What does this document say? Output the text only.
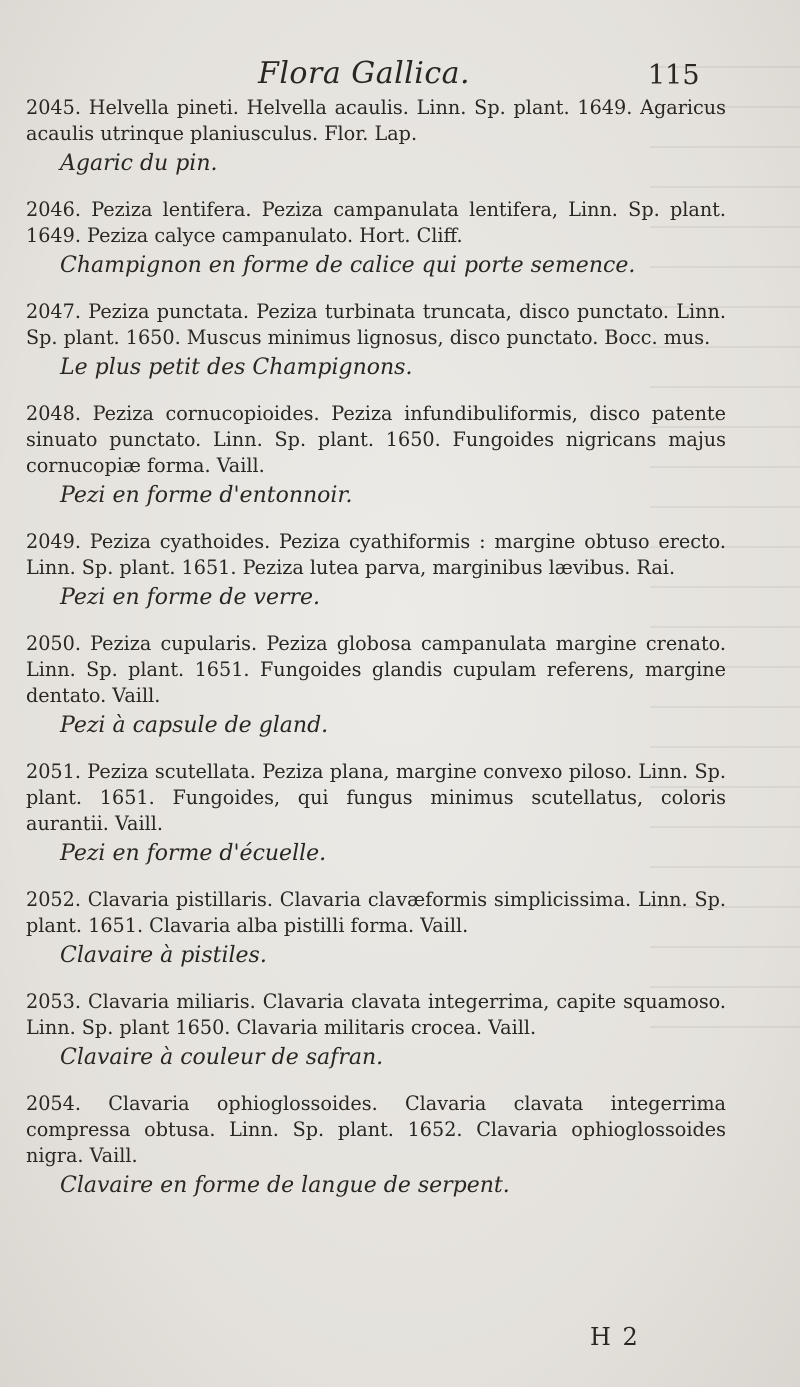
Flora Gallica.	115

2045. Helvella pineti. Helvella acaulis. Linn. Sp. plant. 1649. Agaricus acaulis utrinque planiusculus. Flor. Lap.

Agaric du pin.

2046. Peziza lentifera. Peziza campanulata lentifera, Linn. Sp. plant. 1649. Peziza calyce campanulato. Hort. Cliff.

Champignon en forme de calice qui porte semence.

2047. Peziza punctata. Peziza turbinata truncata, disco punctato. Linn. Sp. plant. 1650. Muscus minimus lignosus, disco punctato. Bocc. mus.

Le plus petit des Champignons.

2048. Peziza cornucopioides. Peziza infundibuliformis, disco patente sinuato punctato. Linn. Sp. plant. 1650. Fungoides nigricans majus cornucopiæ forma. Vaill.

Pezi en forme d'entonnoir.

2049. Peziza cyathoides. Peziza cyathiformis : margine obtuso erecto. Linn. Sp. plant. 1651. Peziza lutea parva, marginibus lævibus. Rai.

Pezi en forme de verre.

2050. Peziza cupularis. Peziza globosa campanulata margine crenato. Linn. Sp. plant. 1651. Fungoides glandis cupulam referens, margine dentato. Vaill.

Pezi à capsule de gland.

2051. Peziza scutellata. Peziza plana, margine convexo piloso. Linn. Sp. plant. 1651. Fungoides, qui fungus minimus scutellatus, coloris aurantii. Vaill.

Pezi en forme d'écuelle.

2052. Clavaria pistillaris. Clavaria clavæformis simplicissima. Linn. Sp. plant. 1651. Clavaria alba pistilli forma. Vaill.

Clavaire à pistiles.

2053. Clavaria miliaris. Clavaria clavata integerrima, capite squamoso. Linn. Sp. plant 1650. Clavaria militaris crocea. Vaill.

Clavaire à couleur de safran.

2054. Clavaria ophioglossoides. Clavaria clavata integerrima compressa obtusa. Linn. Sp. plant. 1652. Clavaria ophioglossoides nigra. Vaill.

Clavaire en forme de langue de serpent.

H 2
